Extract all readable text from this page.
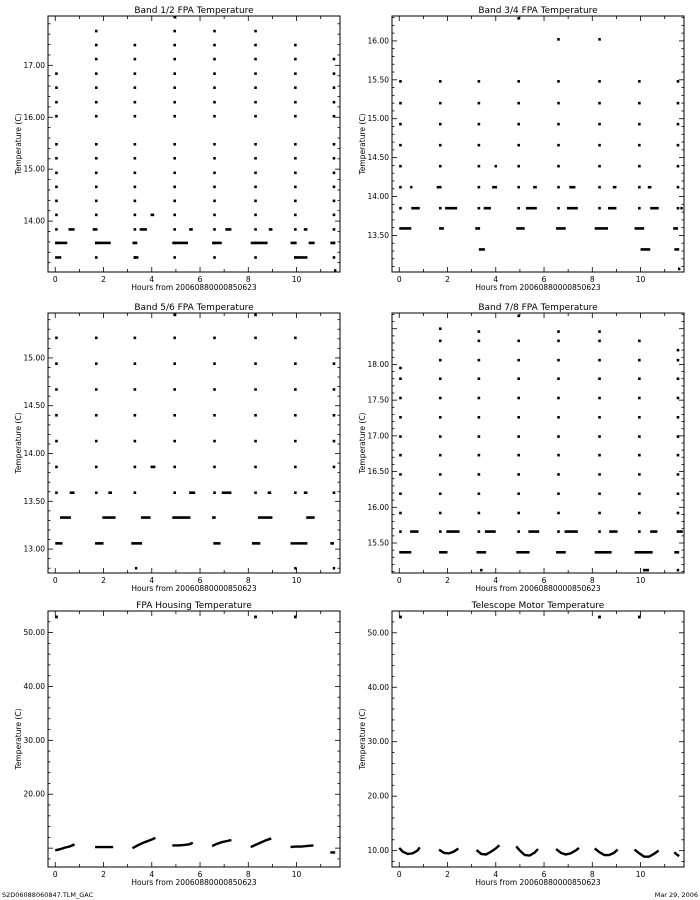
S2D06088060847.TLM_GAC	Mar 29, 2006
Band 1/2 FPA Temperature
Hours from 20060880000850623
Temperature (C)
0	2	4	6	8	10
14.00
15.00
16.00
17.00
Band 3/4 FPA Temperature
Hours from 20060880000850623
Temperature (C)
0	2	4	6	8	10
13.50
14.00
14.50
15.00
15.50
16.00
Band 5/6 FPA Temperature
Hours from 20060880000850623
Temperature (C)
0	2	4	6	8	10
13.00
13.50
14.00
14.50
15.00
Band 7/8 FPA Temperature
Hours from 20060880000850623
Temperature (C)
0	2	4	6	8	10
15.50
16.00
16.50
17.00
17.50
18.00
FPA Housing Temperature
Hours from 20060880000850623
Temperature (C)
0	2	4	6	8	10
20.00
30.00
40.00
50.00
Telescope Motor Temperature
Hours from 20060880000850623
Temperature (C)
0	2	4	6	8	10
10.00
20.00
30.00
40.00
50.00
